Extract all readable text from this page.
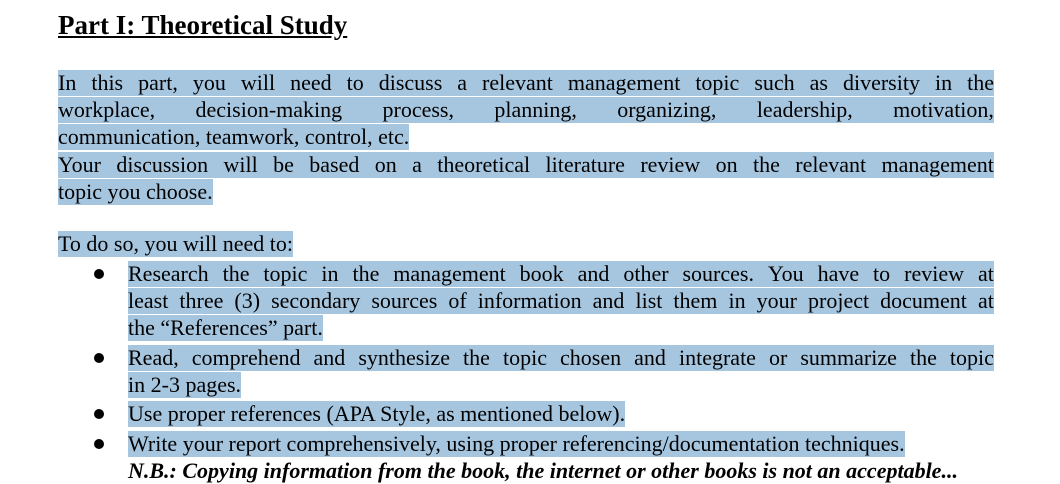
Part I: Theoretical Study
In this part, you will need to discuss a relevant management topic such as diversity in the
workplace, decision-making process, planning, organizing, leadership, motivation,
communication, teamwork, control, etc.
Your discussion will be based on a theoretical literature review on the relevant management
topic you choose.
To do so, you will need to:
Research the topic in the management book and other sources. You have to review at
least three (3) secondary sources of information and list them in your project document at
the “References” part.
Read, comprehend and synthesize the topic chosen and integrate or summarize the topic
in 2-3 pages.
Use proper references (APA Style, as mentioned below).
Write your report comprehensively, using proper referencing/documentation techniques.
N.B.: Copying information from the book, the internet or other books is not an acceptable...
